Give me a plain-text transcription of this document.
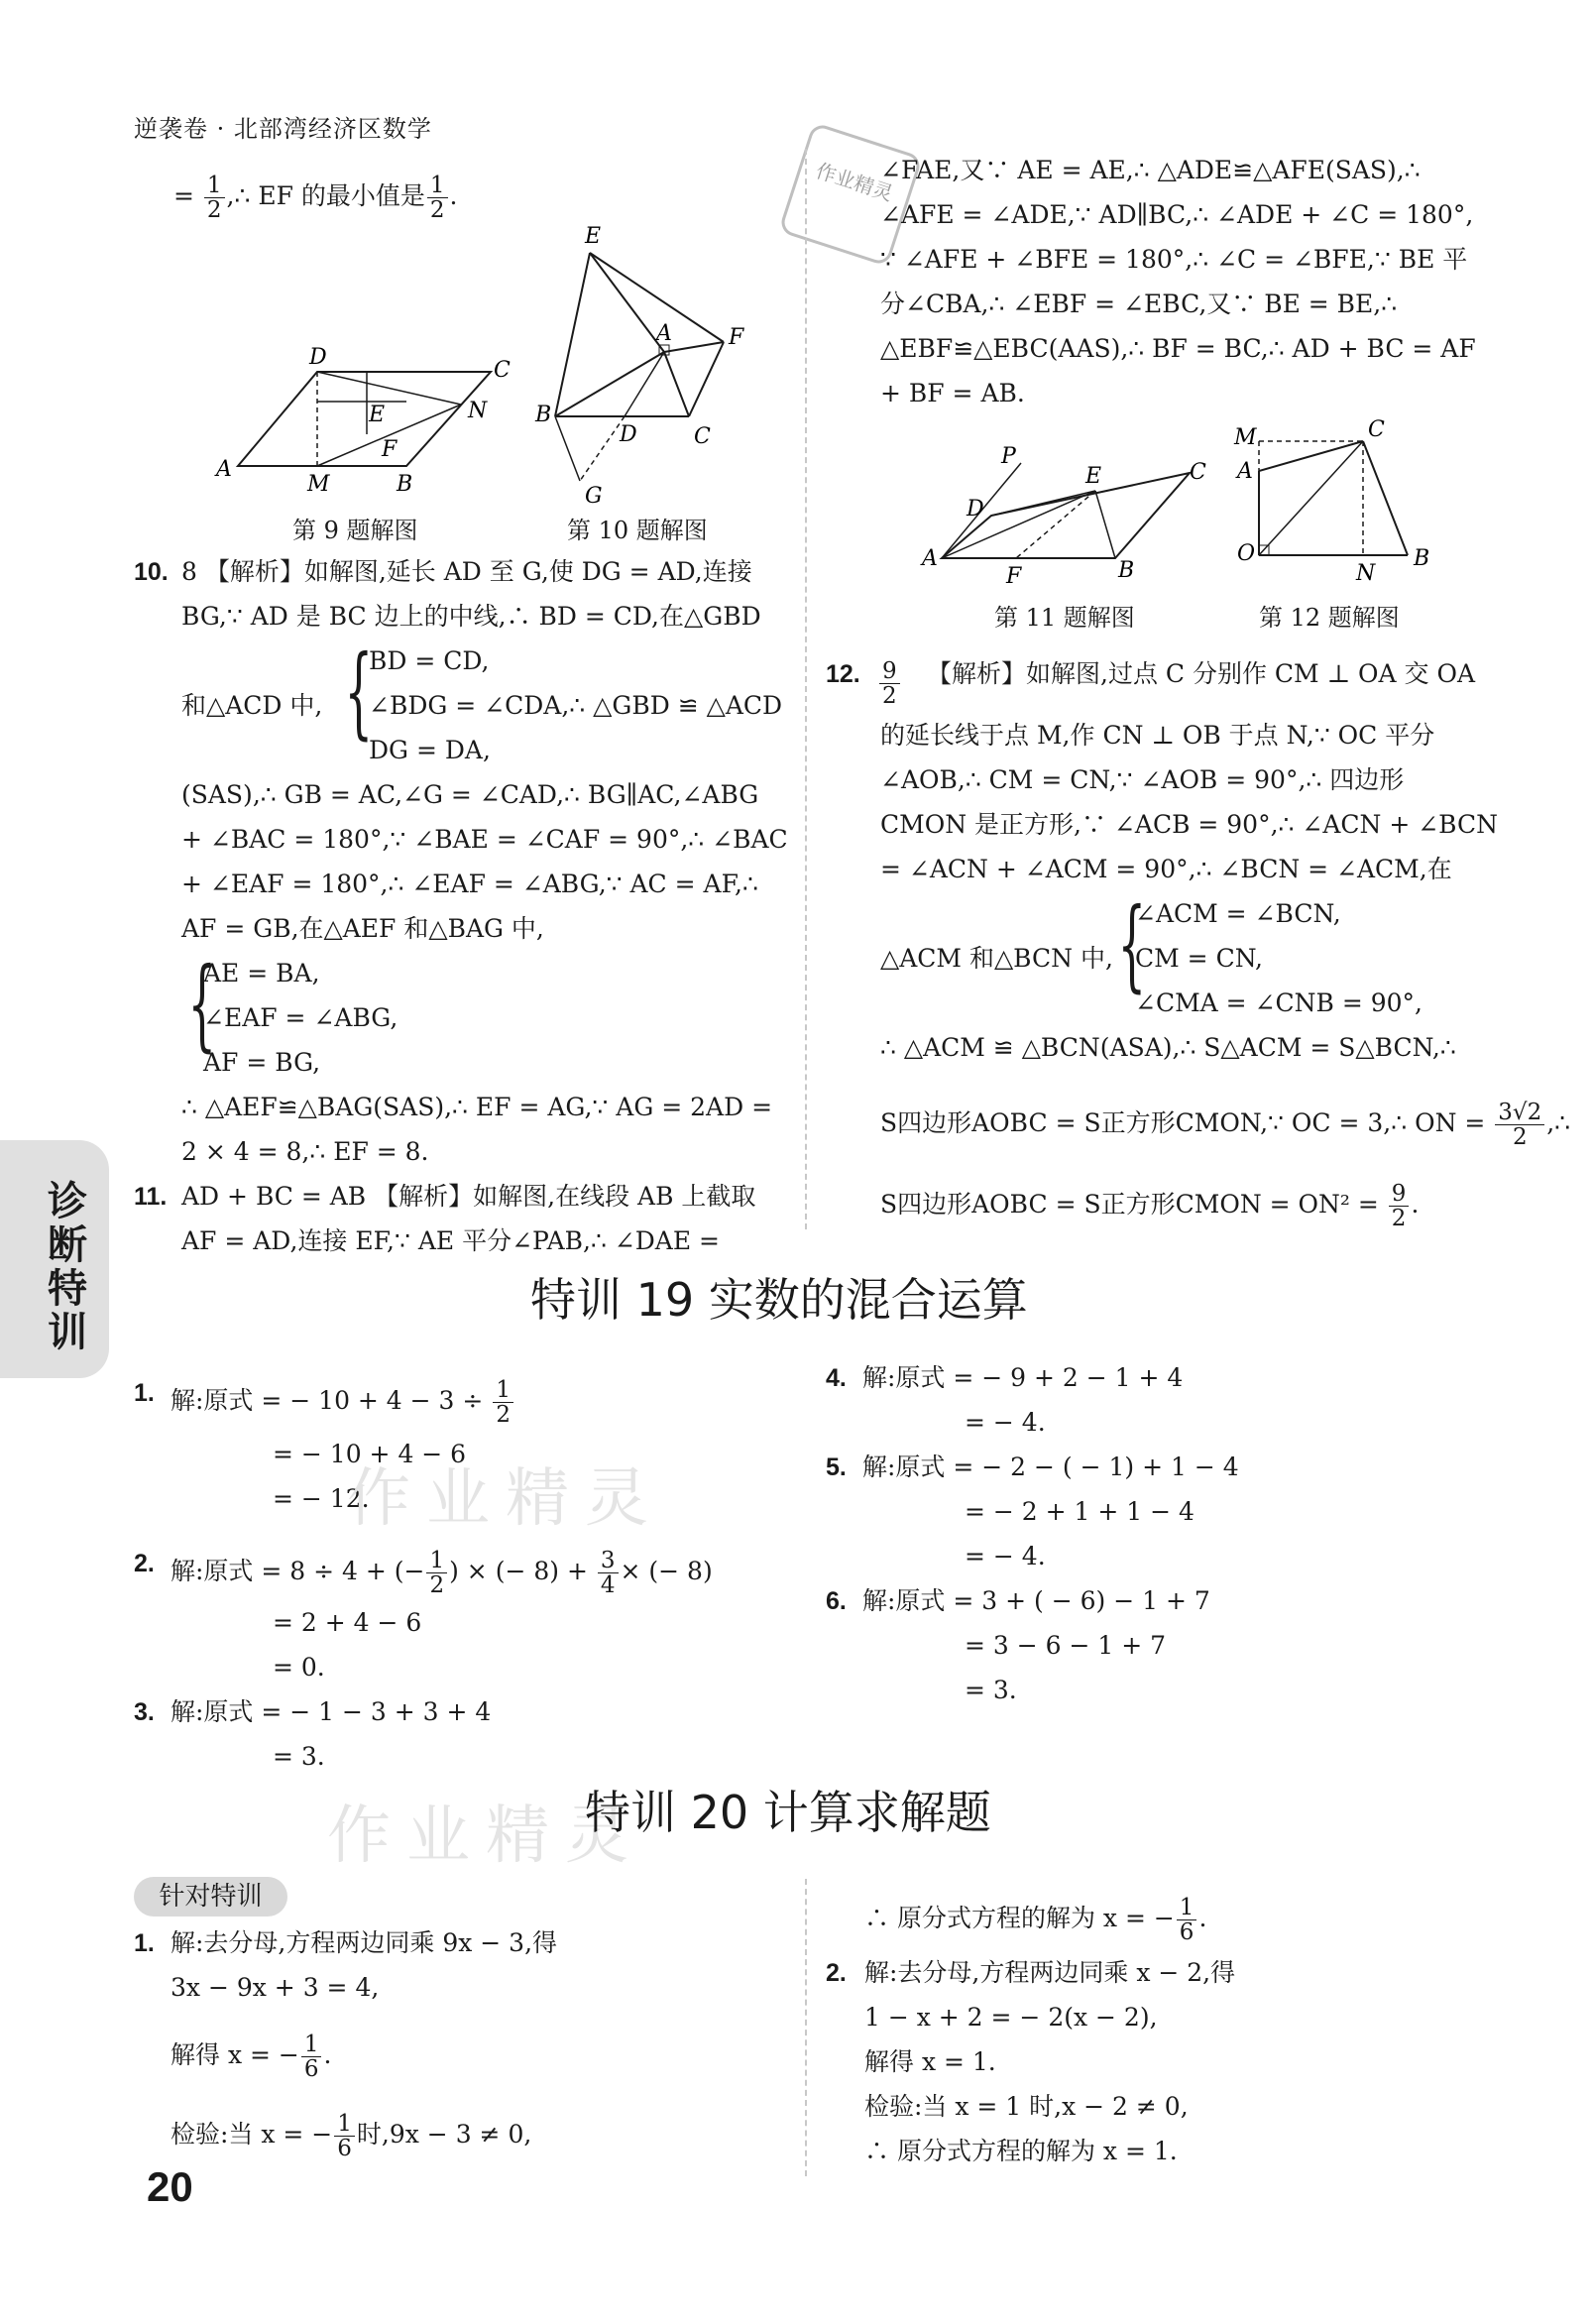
逆袭卷 · 北部湾经济区数学
诊断特训
作业精灵
= $\frac{1}{2}$ ,∴ EF 的最小值是 $\frac{1}{2}$ .
D
C
E	N
F
A
M	B
第 9 题解图
E
A	F
B
D	C
G
第 10 题解图
10. 8 【解析】如解图,延长 AD 至 G,使 DG = AD,连接
BG,∵ AD 是 BC 边上的中线,∴ BD = CD,在△GBD
和△ACD 中, {
BD = CD,
∠BDG = ∠CDA,∴ △GBD ≌ △ACD
DG = DA,
(SAS),∴ GB = AC,∠G = ∠CAD,∴ BG∥AC,∠ABG
+ ∠BAC = 180°,∵ ∠BAE = ∠CAF = 90°,∴ ∠BAC
+ ∠EAF = 180°,∴ ∠EAF = ∠ABG,∵ AC = AF,∴
AF = GB,在△AEF 和△BAG 中,
{
AE = BA,
∠EAF = ∠ABG,
AF = BG,
∴ △AEF≌△BAG(SAS),∴ EF = AG,∵ AG = 2AD =
2 × 4 = 8,∴ EF = 8.
11. AD + BC = AB 【解析】如解图,在线段 AB 上截取
AF = AD,连接 EF,∵ AE 平分∠PAB,∴ ∠DAE =
∠FAE,又∵ AE = AE,∴ △ADE≌△AFE(SAS),∴
∠AFE = ∠ADE,∵ AD∥BC,∴ ∠ADE + ∠C = 180°,
∵ ∠AFE + ∠BFE = 180°,∴ ∠C = ∠BFE,∵ BE 平
分∠CBA,∴ ∠EBF = ∠EBC,又∵ BE = BE,∴
△EBF≌△EBC(AAS),∴ BF = BC,∴ AD + BC = AF
+ BF = AB.
P
E	C
D
A
F	B
第 11 题解图
M	C
A
O
N
B
第 12 题解图
12. $\frac{9}{2}$ 【解析】如解图,过点 C 分别作 CM ⊥ OA 交 OA
的延长线于点 M,作 CN ⊥ OB 于点 N,∵ OC 平分
∠AOB,∴ CM = CN,∵ ∠AOB = 90°,∴ 四边形
CMON 是正方形,∵ ∠ACB = 90°,∴ ∠ACN + ∠BCN
= ∠ACN + ∠ACM = 90°,∴ ∠BCN = ∠ACM,在
△ACM 和△BCN 中, {
∠ACM = ∠BCN,
CM = CN,
∠CMA = ∠CNB = 90°,
∴ △ACM ≌ △BCN(ASA),∴ S△ACM = S△BCN,∴
S四边形AOBC = S正方形CMON,∵ OC = 3,∴ ON = $\frac{3√2}{2}$ ,∴
S四边形AOBC = S正方形CMON = $ON^2 = \frac{9}{2}$ .
特训 19 实数的混合运算
1. 解:原式 = − $10 + 4 - 3 \div \frac{1}{2}$
= − 10 + 4 − 6
= − 12.
2. 解:原式 = 8 ÷ 4 + (− $\frac{1}{2}$ ) × (− $8) + \frac{3}{4}$ × (− 8)
= 2 + 4 − 6
= 0.
3. 解:原式 = − 1 − 3 + 3 + 4
= 3.
4. 解:原式 = − 9 + 2 − 1 + 4
= − 4.
5. 解:原式 = − 2 − ( − 1) + 1 − 4
= − 2 + 1 + 1 − 4
= − 4.
6. 解:原式 = 3 + ( − 6) − 1 + 7
= 3 − 6 − 1 + 7
= 3.
作业精灵
作业精灵
特训 20 计算求解题
针对特训
1. 解:去分母,方程两边同乘 9x − 3,得
3x − 9x + 3 = 4,
解得 x = − $\frac{1}{6}$ .
检验:当 x = − $\frac{1}{6}$ 时,9x − 3 ≠ 0,
∴ 原分式方程的解为 x = − $\frac{1}{6}$ .
2. 解:去分母,方程两边同乘 x − 2,得
1 − x + 2 = − 2(x − 2),
解得 x = 1.
检验:当 x = 1 时,x − 2 ≠ 0,
∴ 原分式方程的解为 x = 1.
20
